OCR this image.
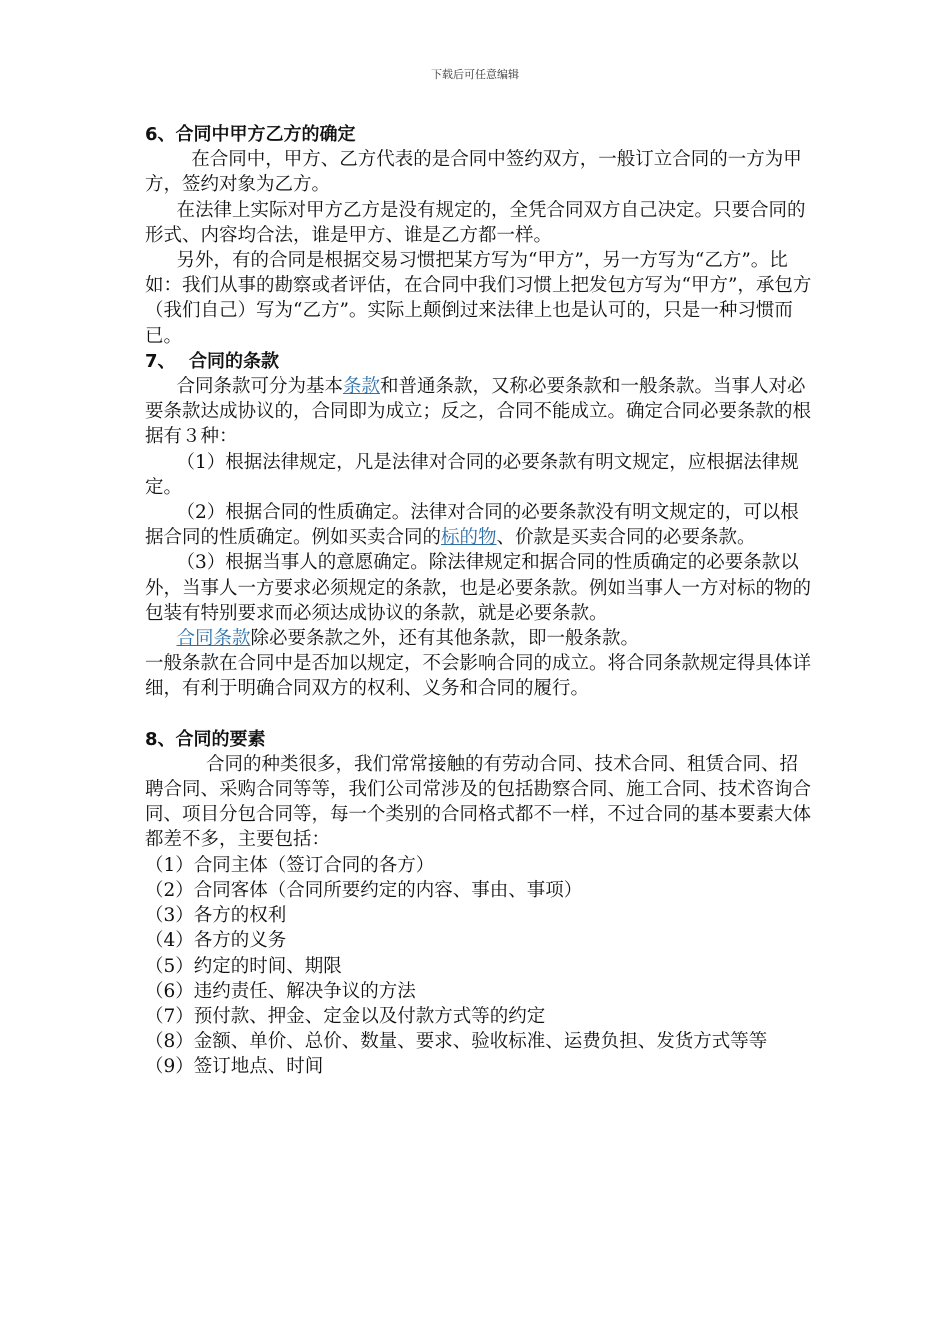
下载后可任意编辑

6、合同中甲方乙方的确定

在合同中，甲方、乙方代表的是合同中签约双方，一般订立合同的一方为甲方，签约对象为乙方。

在法律上实际对甲方乙方是没有规定的，全凭合同双方自己决定。只要合同的形式、内容均合法，谁是甲方、谁是乙方都一样。

另外，有的合同是根据交易习惯把某方写为“甲方”，另一方写为“乙方”。比如：我们从事的勘察或者评估，在合同中我们习惯上把发包方写为“甲方”，承包方（我们自己）写为“乙方”。实际上颠倒过来法律上也是认可的，只是一种习惯而已。

7、 合同的条款

合同条款可分为基本条款和普通条款，又称必要条款和一般条款。当事人对必要条款达成协议的，合同即为成立；反之，合同不能成立。确定合同必要条款的根据有３种：

（1）根据法律规定，凡是法律对合同的必要条款有明文规定，应根据法律规定。

（2）根据合同的性质确定。法律对合同的必要条款没有明文规定的，可以根据合同的性质确定。例如买卖合同的标的物、价款是买卖合同的必要条款。

（3）根据当事人的意愿确定。除法律规定和据合同的性质确定的必要条款以外，当事人一方要求必须规定的条款，也是必要条款。例如当事人一方对标的物的包装有特别要求而必须达成协议的条款，就是必要条款。

合同条款除必要条款之外，还有其他条款，即一般条款。

一般条款在合同中是否加以规定，不会影响合同的成立。将合同条款规定得具体详细，有利于明确合同双方的权利、义务和合同的履行。

8、合同的要素

合同的种类很多，我们常常接触的有劳动合同、技术合同、租赁合同、招聘合同、采购合同等等，我们公司常涉及的包括勘察合同、施工合同、技术咨询合同、项目分包合同等，每一个类别的合同格式都不一样，不过合同的基本要素大体都差不多，主要包括：

（1）合同主体（签订合同的各方）

（2）合同客体（合同所要约定的内容、事由、事项）

（3）各方的权利

（4）各方的义务

（5）约定的时间、期限

（6）违约责任、解决争议的方法

（7）预付款、押金、定金以及付款方式等的约定

（8）金额、单价、总价、数量、要求、验收标准、运费负担、发货方式等等

（9）签订地点、时间
